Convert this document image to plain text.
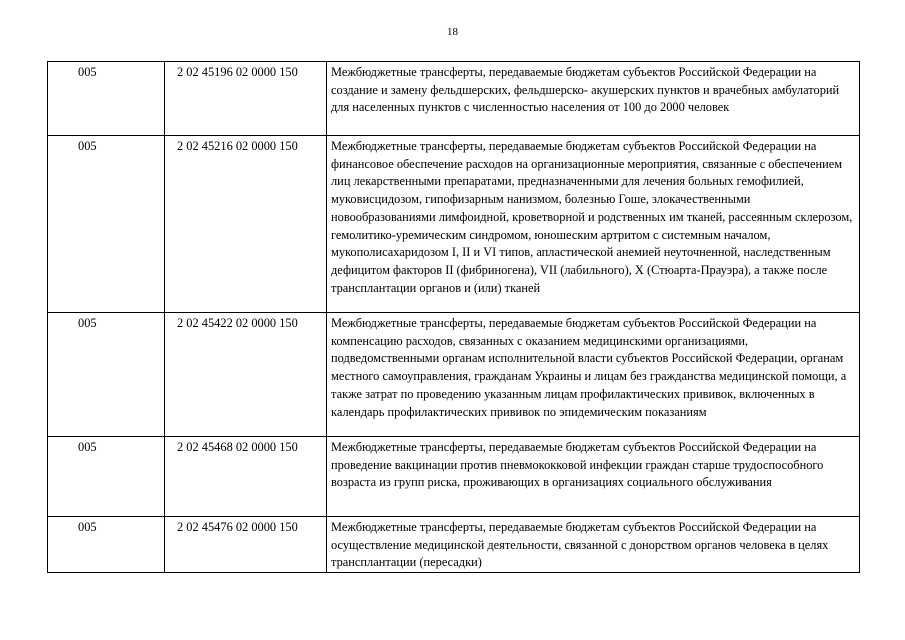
18
005	2 02 45196 02 0000 150	Межбюджетные трансферты, передаваемые бюджетам субъектов Российской Федерации на создание и замену фельдшерских, фельдшерско- акушерских пунктов и врачебных амбулаторий для населенных пунктов с численностью населения от 100 до 2000 человек
005	2 02 45216 02 0000 150	Межбюджетные трансферты, передаваемые бюджетам субъектов Российской Федерации на финансовое обеспечение расходов на организационные мероприятия, связанные с обеспечением лиц лекарственными препаратами, предназначенными для лечения больных гемофилией, муковисцидозом, гипофизарным нанизмом, болезнью Гоше, злокачественными новообразованиями лимфоидной, кроветворной и родственных им тканей, рассеянным склерозом, гемолитико-уремическим синдромом, юношеским артритом с системным началом, мукополисахаридозом I, II и VI типов, апластической анемией неуточненной, наследственным дефицитом факторов II (фибриногена), VII (лабильного), X (Стюарта-Прауэра), а также после трансплантации органов и (или) тканей
005	2 02 45422 02 0000 150	Межбюджетные трансферты, передаваемые бюджетам субъектов Российской Федерации на компенсацию расходов, связанных с оказанием медицинскими организациями, подведомственными органам исполнительной власти субъектов Российской Федерации, органам местного самоуправления, гражданам Украины и лицам без гражданства медицинской помощи, а также затрат по проведению указанным лицам профилактических прививок, включенных в календарь профилактических прививок по эпидемическим показаниям
005	2 02 45468 02 0000 150	Межбюджетные трансферты, передаваемые бюджетам субъектов Российской Федерации на проведение вакцинации против пневмококковой инфекции граждан старше трудоспособного возраста из групп риска, проживающих в организациях социального обслуживания
005	2 02 45476 02 0000 150	Межбюджетные трансферты, передаваемые бюджетам субъектов Российской Федерации на осуществление медицинской деятельности, связанной с донорством органов человека в целях трансплантации (пересадки)
